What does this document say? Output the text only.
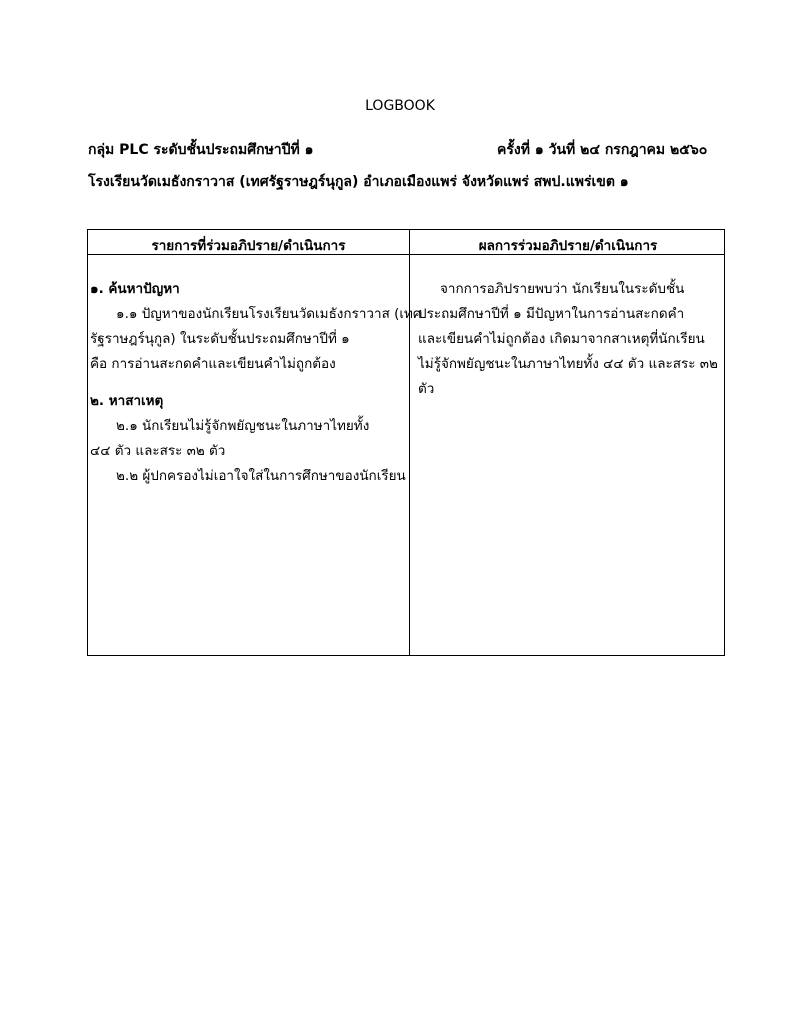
LOGBOOK
กลุ่ม PLC ระดับชั้นประถมศึกษาปีที่ ๑	ครั้งที่ ๑ วันที่ ๒๔ กรกฎาคม ๒๕๖๐
โรงเรียนวัดเมธังกราวาส (เทศรัฐราษฎร์นุกูล) อำเภอเมืองแพร่ จังหวัดแพร่ สพป.แพร่เขต ๑
รายการที่ร่วมอภิปราย/ดำเนินการ	ผลการร่วมอภิปราย/ดำเนินการ
๑. ค้นหาปัญหา
๑.๑ ปัญหาของนักเรียนโรงเรียนวัดเมธังกราวาส (เทศ
รัฐราษฎร์นุกูล) ในระดับชั้นประถมศึกษาปีที่ ๑
คือ การอ่านสะกดคำและเขียนคำไม่ถูกต้อง
๒. หาสาเหตุ
๒.๑ นักเรียนไม่รู้จักพยัญชนะในภาษาไทยทั้ง
๔๔ ตัว และสระ ๓๒ ตัว
๒.๒ ผู้ปกครองไม่เอาใจใส่ในการศึกษาของนักเรียน
จากการอภิปรายพบว่า นักเรียนในระดับชั้น
ประถมศึกษาปีที่ ๑ มีปัญหาในการอ่านสะกดคำ
และเขียนคำไม่ถูกต้อง เกิดมาจากสาเหตุที่นักเรียน
ไม่รู้จักพยัญชนะในภาษาไทยทั้ง ๔๔ ตัว และสระ ๓๒
ตัว
